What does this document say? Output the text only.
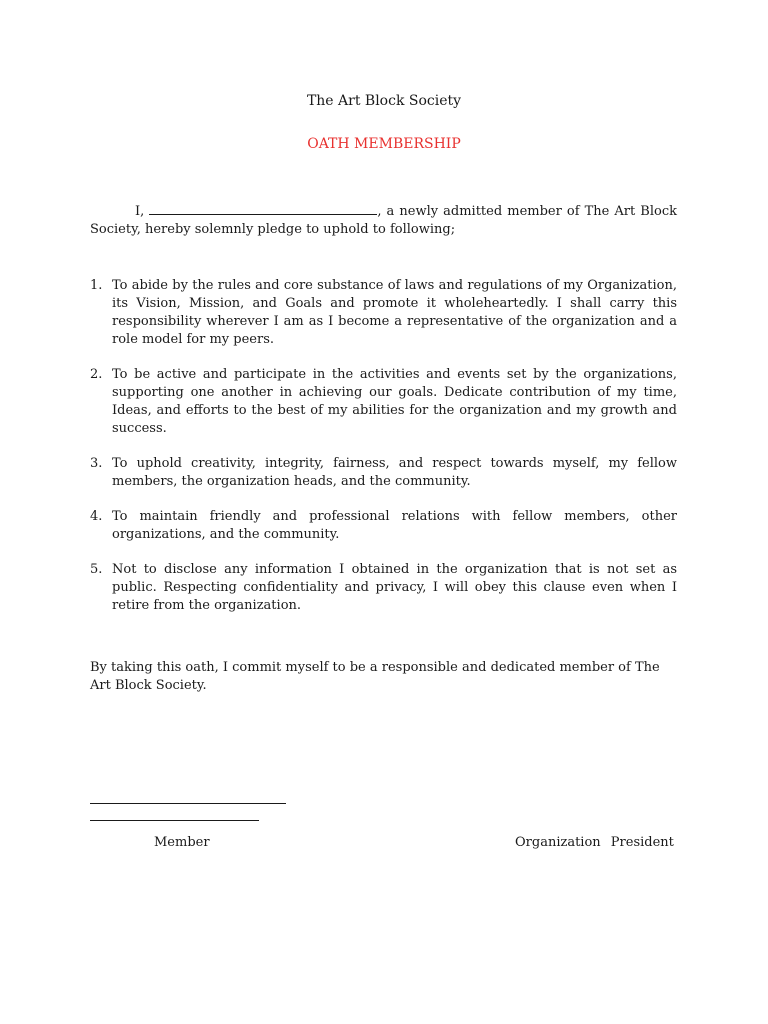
The Art Block Society
OATH MEMBERSHIP

I,	, a newly admitted member of The Art Block Society, hereby solemnly pledge to uphold to following;

1. To abide by the rules and core substance of laws and regulations of my Organization, its Vision, Mission, and Goals and promote it wholeheartedly. I shall carry this responsibility wherever I am as I become a representative of the organization and a role model for my peers.
2. To be active and participate in the activities and events set by the organizations, supporting one another in achieving our goals. Dedicate contribution of my time, Ideas, and efforts to the best of my abilities for the organization and my growth and success.
3. To uphold creativity, integrity, fairness, and respect towards myself, my fellow members, the organization heads, and the community.
4. To maintain friendly and professional relations with fellow members, other organizations, and the community.
5. Not to disclose any information I obtained in the organization that is not set as public. Respecting confidentiality and privacy, I will obey this clause even when I retire from the organization.

By taking this oath, I commit myself to be a responsible and dedicated member of The Art Block Society.

Member	Organization President
